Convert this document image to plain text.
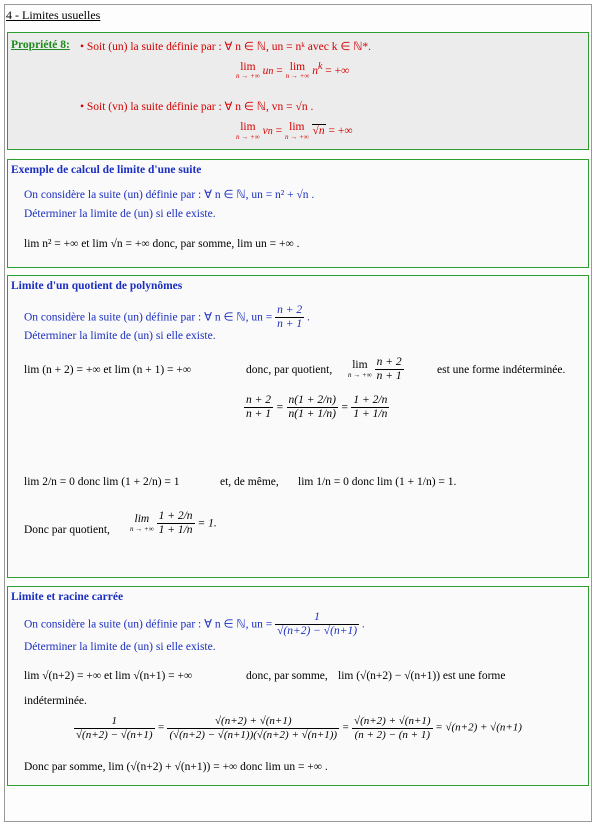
4 - Limites usuelles
Propriété 8: • Soit (un) la suite définie par : ∀ n ∈ ℕ, un = nᵏ avec k ∈ ℕ*.
lim
n → +∞ un = lim
n → +∞ $n^k$ = +∞
• Soit (vn) la suite définie par : ∀ n ∈ ℕ, vn = √n .
lim
n → +∞ vn = lim
n → +∞
√ n = +∞
Exemple de calcul de limite d'une suite
On considère la suite (un) définie par : ∀ n ∈ ℕ, un = n² + √n .
Déterminer la limite de (un) si elle existe.
lim n² = +∞ et lim √n = +∞ donc, par somme, lim un = +∞ .
Limite d'un quotient de polynômes
On considère la suite (un) définie par : ∀ n ∈ ℕ, un = $\frac{n + 2}{n + 1}$ .
Déterminer la limite de (un) si elle existe.
lim (n + 2) = +∞ et lim (n + 1) = +∞	donc, par quotient,	lim
n → +∞
$\frac{n + 2}{n + 1}$	est une forme indéterminée.
$\frac{n + 2}{n + 1} = \frac{n(1 + 2/n)}{n(1 + 1/n)} = \frac{1 + 2/n}{1 + 1/n}$
lim 2/n = 0 donc lim (1 + 2/n) = 1	et, de même, lim 1/n = 0 donc lim (1 + 1/n) = 1.
Donc par quotient,
lim
n → +∞
$\frac{1 + 2/n}{1 + 1/n} = 1$.
Limite et racine carrée
On considère la suite (un) définie par : ∀ n ∈ ℕ, un = $\frac{1}{√(n+2) - √(n+1)}$ .
Déterminer la limite de (un) si elle existe.
lim √(n+2) = +∞ et lim √(n+1) = +∞	donc, par somme, lim (√(n+2) − √(n+1)) est une forme
indéterminée.
$\frac{1}{√(n+2) - √(n+1)} = \frac{√(n+2) + √(n+1)}{(√(n+2) - √(n+1))(√(n+2) + √(n+1))} = \frac{√(n+2) + √(n+1)}{(n + 2) - (n + 1)} = √(n+2) + √(n+1)$
Donc par somme, lim (√(n+2) + √(n+1)) = +∞ donc lim un = +∞ .
